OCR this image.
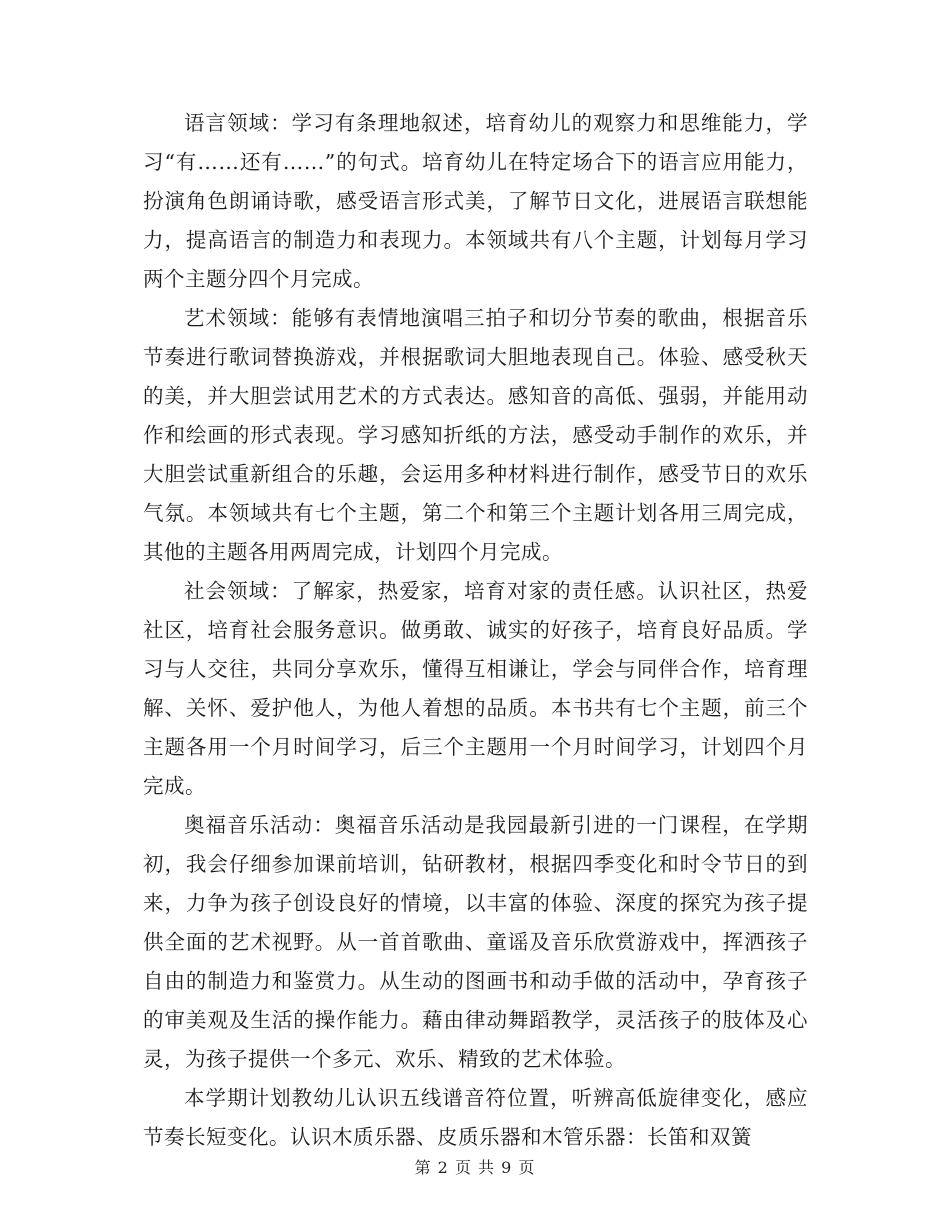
语言领域：学习有条理地叙述，培育幼儿的观察力和思维能力，学习“有……还有……”的句式。培育幼儿在特定场合下的语言应用能力，扮演角色朗诵诗歌，感受语言形式美，了解节日文化，进展语言联想能力，提高语言的制造力和表现力。本领域共有八个主题，计划每月学习两个主题分四个月完成。

艺术领域：能够有表情地演唱三拍子和切分节奏的歌曲，根据音乐节奏进行歌词替换游戏，并根据歌词大胆地表现自己。体验、感受秋天的美，并大胆尝试用艺术的方式表达。感知音的高低、强弱，并能用动作和绘画的形式表现。学习感知折纸的方法，感受动手制作的欢乐，并大胆尝试重新组合的乐趣，会运用多种材料进行制作，感受节日的欢乐气氛。本领域共有七个主题，第二个和第三个主题计划各用三周完成，其他的主题各用两周完成，计划四个月完成。

社会领域：了解家，热爱家，培育对家的责任感。认识社区，热爱社区，培育社会服务意识。做勇敢、诚实的好孩子，培育良好品质。学习与人交往，共同分享欢乐，懂得互相谦让，学会与同伴合作，培育理解、关怀、爱护他人，为他人着想的品质。本书共有七个主题，前三个主题各用一个月时间学习，后三个主题用一个月时间学习，计划四个月完成。

奥福音乐活动：奥福音乐活动是我园最新引进的一门课程，在学期初，我会仔细参加课前培训，钻研教材，根据四季变化和时令节日的到来，力争为孩子创设良好的情境，以丰富的体验、深度的探究为孩子提供全面的艺术视野。从一首首歌曲、童谣及音乐欣赏游戏中，挥洒孩子自由的制造力和鉴赏力。从生动的图画书和动手做的活动中，孕育孩子的审美观及生活的操作能力。藉由律动舞蹈教学，灵活孩子的肢体及心灵，为孩子提供一个多元、欢乐、精致的艺术体验。

本学期计划教幼儿认识五线谱音符位置，听辨高低旋律变化，感应节奏长短变化。认识木质乐器、皮质乐器和木管乐器：长笛和双簧

第 2 页 共 9 页
